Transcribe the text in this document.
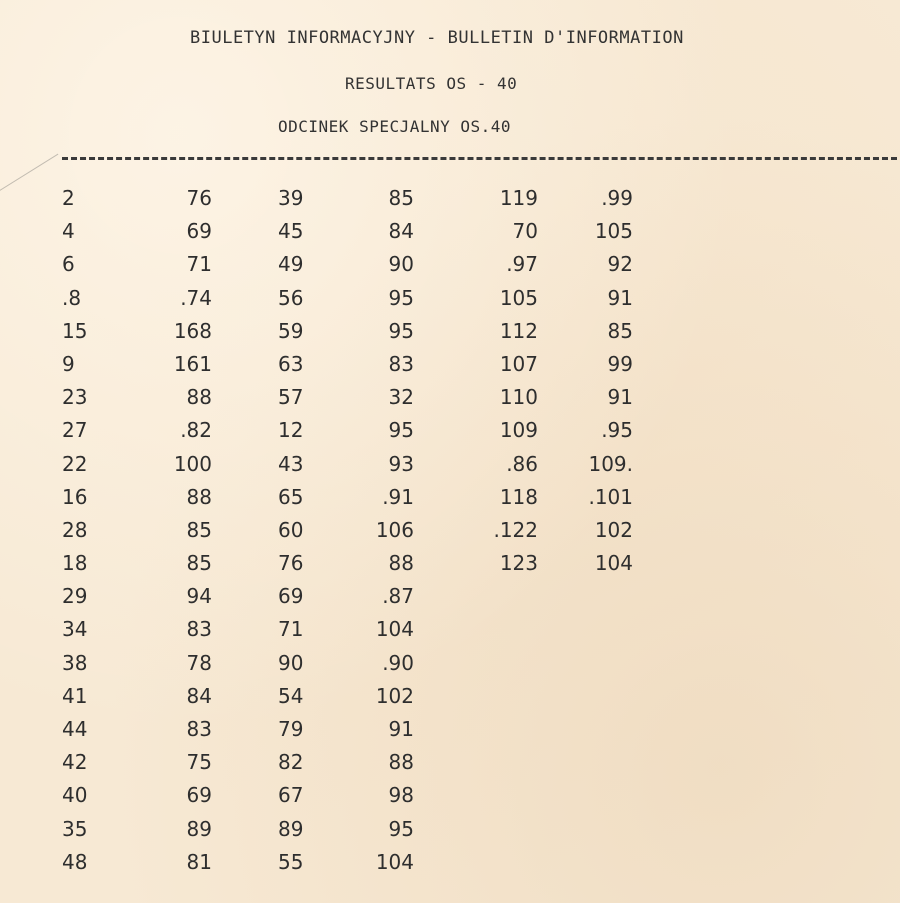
BIULETYN INFORMACYJNY - BULLETIN D'INFORMATION
RESULTATS OS - 40
ODCINEK SPECJALNY OS.40
2
4
6
.8
15
9
23
27
22
16
28
18
29
34
38
41
44
42
40
35
48
76
69
71
.74
168
161
88
.82
100
88
85
85
94
83
78
84
83
75
69
89
81
39
45
49
56
59
63
57
12
43
65
60
76
69
71
90
54
79
82
67
89
55
85
84
90
95
95
83
32
95
93
.91
106
88
.87
104
.90
102
91
88
98
95
104
119
70
.97
105
112
107
110
109
.86
118
.122
123
.99
105
92
91
85
99
91
.95
109.
.101
102
104
